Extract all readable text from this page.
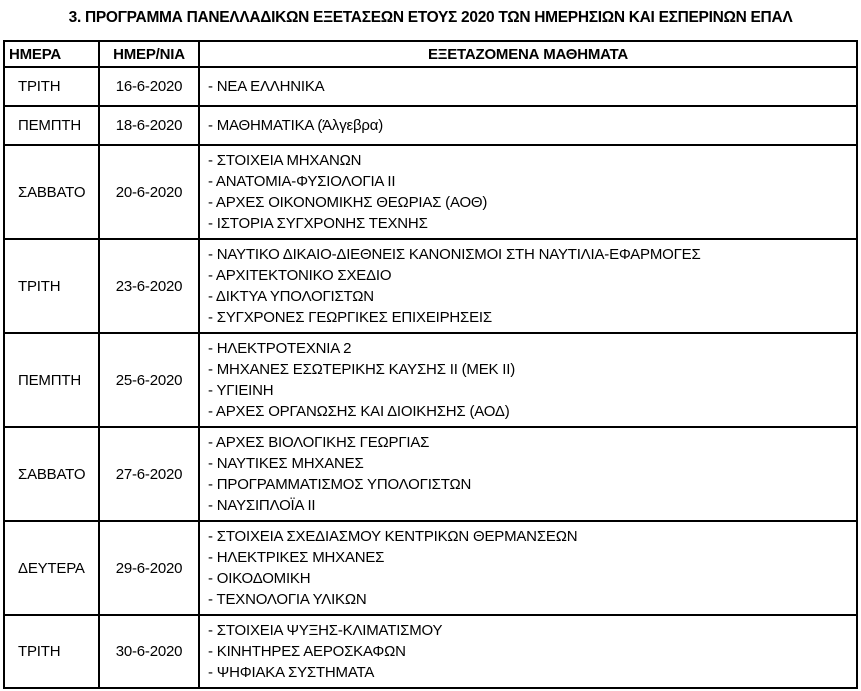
3. ΠΡΟΓΡΑΜΜΑ ΠΑΝΕΛΛΑΔΙΚΩΝ ΕΞΕΤΑΣΕΩΝ ΕΤΟΥΣ 2020 ΤΩΝ ΗΜΕΡΗΣΙΩΝ ΚΑΙ ΕΣΠΕΡΙΝΩΝ ΕΠΑΛ
ΗΜΕΡΑ	ΗΜΕΡ/ΝΙΑ	ΕΞΕΤΑΖΟΜΕΝΑ ΜΑΘΗΜΑΤΑ
ΤΡΙΤΗ	16-6-2020	- ΝΕΑ ΕΛΛΗΝΙΚΑ

ΠΕΜΠΤΗ	18-6-2020	- ΜΑΘΗΜΑΤΙΚΑ (Άλγεβρα)

ΣΑΒΒΑΤΟ	20-6-2020	- ΣΤΟΙΧΕΙΑ ΜΗΧΑΝΩΝ
- ΑΝΑΤΟΜΙΑ-ΦΥΣΙΟΛΟΓΙΑ ΙΙ
- ΑΡΧΕΣ ΟΙΚΟΝΟΜΙΚΗΣ ΘΕΩΡΙΑΣ (ΑΟΘ)
- ΙΣΤΟΡΙΑ ΣΥΓΧΡΟΝΗΣ ΤΕΧΝΗΣ

ΤΡΙΤΗ	23-6-2020	- ΝΑΥΤΙΚΟ ΔΙΚΑΙΟ-ΔΙΕΘΝΕΙΣ ΚΑΝΟΝΙΣΜΟΙ ΣΤΗ ΝΑΥΤΙΛΙΑ-ΕΦΑΡΜΟΓΕΣ
- ΑΡΧΙΤΕΚΤΟΝΙΚΟ ΣΧΕΔΙΟ
- ΔΙΚΤΥΑ ΥΠΟΛΟΓΙΣΤΩΝ
- ΣΥΓΧΡΟΝΕΣ ΓΕΩΡΓΙΚΕΣ ΕΠΙΧΕΙΡΗΣΕΙΣ

ΠΕΜΠΤΗ	25-6-2020	- ΗΛΕΚΤΡΟΤΕΧΝΙΑ 2
- ΜΗΧΑΝΕΣ ΕΣΩΤΕΡΙΚΗΣ ΚΑΥΣΗΣ ΙΙ (ΜΕΚ ΙΙ)
- ΥΓΙΕΙΝΗ
- ΑΡΧΕΣ ΟΡΓΑΝΩΣΗΣ ΚΑΙ ΔΙΟΙΚΗΣΗΣ (ΑΟΔ)

ΣΑΒΒΑΤΟ	27-6-2020	- ΑΡΧΕΣ ΒΙΟΛΟΓΙΚΗΣ ΓΕΩΡΓΙΑΣ
- ΝΑΥΤΙΚΕΣ ΜΗΧΑΝΕΣ
- ΠΡΟΓΡΑΜΜΑΤΙΣΜΟΣ ΥΠΟΛΟΓΙΣΤΩΝ
- ΝΑΥΣΙΠΛΟΪΑ ΙΙ

ΔΕΥΤΕΡΑ	29-6-2020	- ΣΤΟΙΧΕΙΑ ΣΧΕΔΙΑΣΜΟΥ ΚΕΝΤΡΙΚΩΝ ΘΕΡΜΑΝΣΕΩΝ
- ΗΛΕΚΤΡΙΚΕΣ ΜΗΧΑΝΕΣ
- ΟΙΚΟΔΟΜΙΚΗ
- ΤΕΧΝΟΛΟΓΙΑ ΥΛΙΚΩΝ

ΤΡΙΤΗ	30-6-2020	- ΣΤΟΙΧΕΙΑ ΨΥΞΗΣ-ΚΛΙΜΑΤΙΣΜΟΥ
- ΚΙΝΗΤΗΡΕΣ ΑΕΡΟΣΚΑΦΩΝ
- ΨΗΦΙΑΚΑ ΣΥΣΤΗΜΑΤΑ
